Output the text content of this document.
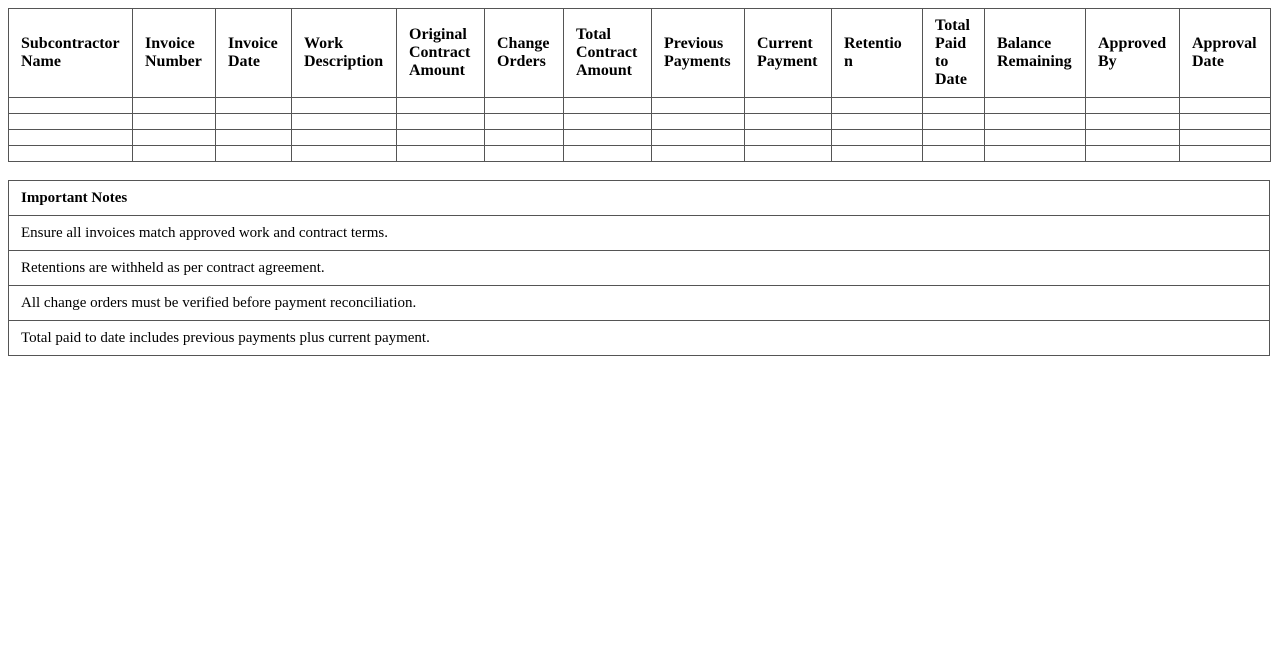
Subcontractor Name	Invoice Number	Invoice Date	Work Description	Original Contract Amount	Change Orders	Total Contract Amount	Previous Payments	Current Payment	Retention	Total Paid to Date	Balance Remaining	Approved By	Approval Date

Important Notes
Ensure all invoices match approved work and contract terms.
Retentions are withheld as per contract agreement.
All change orders must be verified before payment reconciliation.
Total paid to date includes previous payments plus current payment.
